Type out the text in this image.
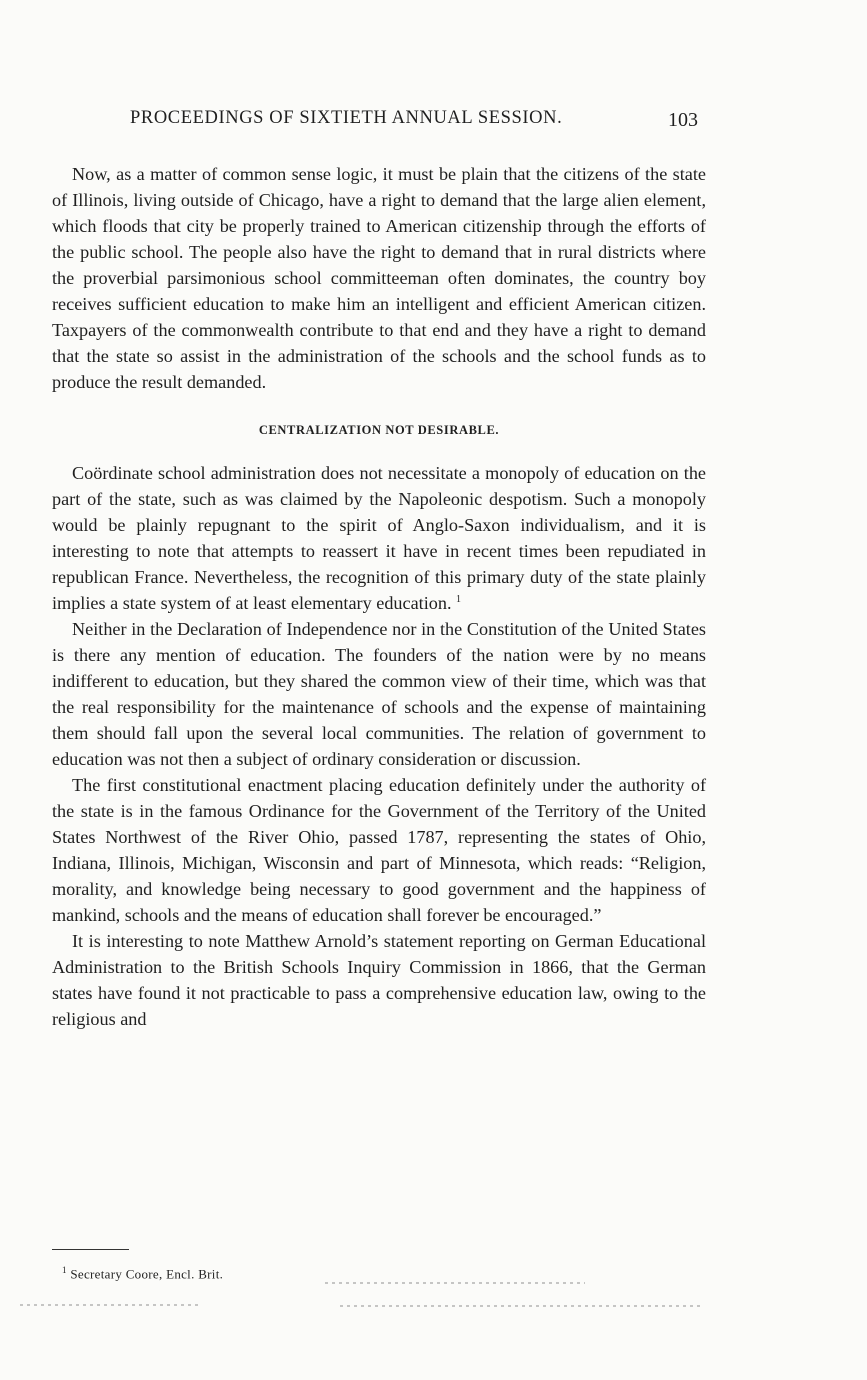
PROCEEDINGS OF SIXTIETH ANNUAL SESSION.	103

Now, as a matter of common sense logic, it must be plain that the citizens of the state of Illinois, living outside of Chicago, have a right to demand that the large alien element, which floods that city be properly trained to American citizenship through the efforts of the public school. The people also have the right to demand that in rural districts where the proverbial parsimonious school committeeman often dominates, the country boy receives sufficient education to make him an intelligent and efficient American citizen. Taxpayers of the commonwealth contribute to that end and they have a right to demand that the state so assist in the administration of the schools and the school funds as to produce the result demanded.

CENTRALIZATION NOT DESIRABLE.

Coördinate school administration does not necessitate a monopoly of education on the part of the state, such as was claimed by the Napoleonic despotism. Such a monopoly would be plainly repugnant to the spirit of Anglo-Saxon individualism, and it is interesting to note that attempts to reassert it have in recent times been repudiated in republican France. Nevertheless, the recognition of this primary duty of the state plainly implies a state system of at least elementary education. $^1$

Neither in the Declaration of Independence nor in the Constitution of the United States is there any mention of education. The founders of the nation were by no means indifferent to education, but they shared the common view of their time, which was that the real responsibility for the maintenance of schools and the expense of maintaining them should fall upon the several local communities. The relation of government to education was not then a subject of ordinary consideration or discussion.

The first constitutional enactment placing education definitely under the authority of the state is in the famous Ordinance for the Government of the Territory of the United States Northwest of the River Ohio, passed 1787, representing the states of Ohio, Indiana, Illinois, Michigan, Wisconsin and part of Minnesota, which reads: “Religion, morality, and knowledge being necessary to good government and the happiness of mankind, schools and the means of education shall forever be encouraged.”

It is interesting to note Matthew Arnold’s statement reporting on German Educational Administration to the British Schools Inquiry Commission in 1866, that the German states have found it not practicable to pass a comprehensive education law, owing to the religious and

$^1$ Secretary Coore, Encl. Brit.
